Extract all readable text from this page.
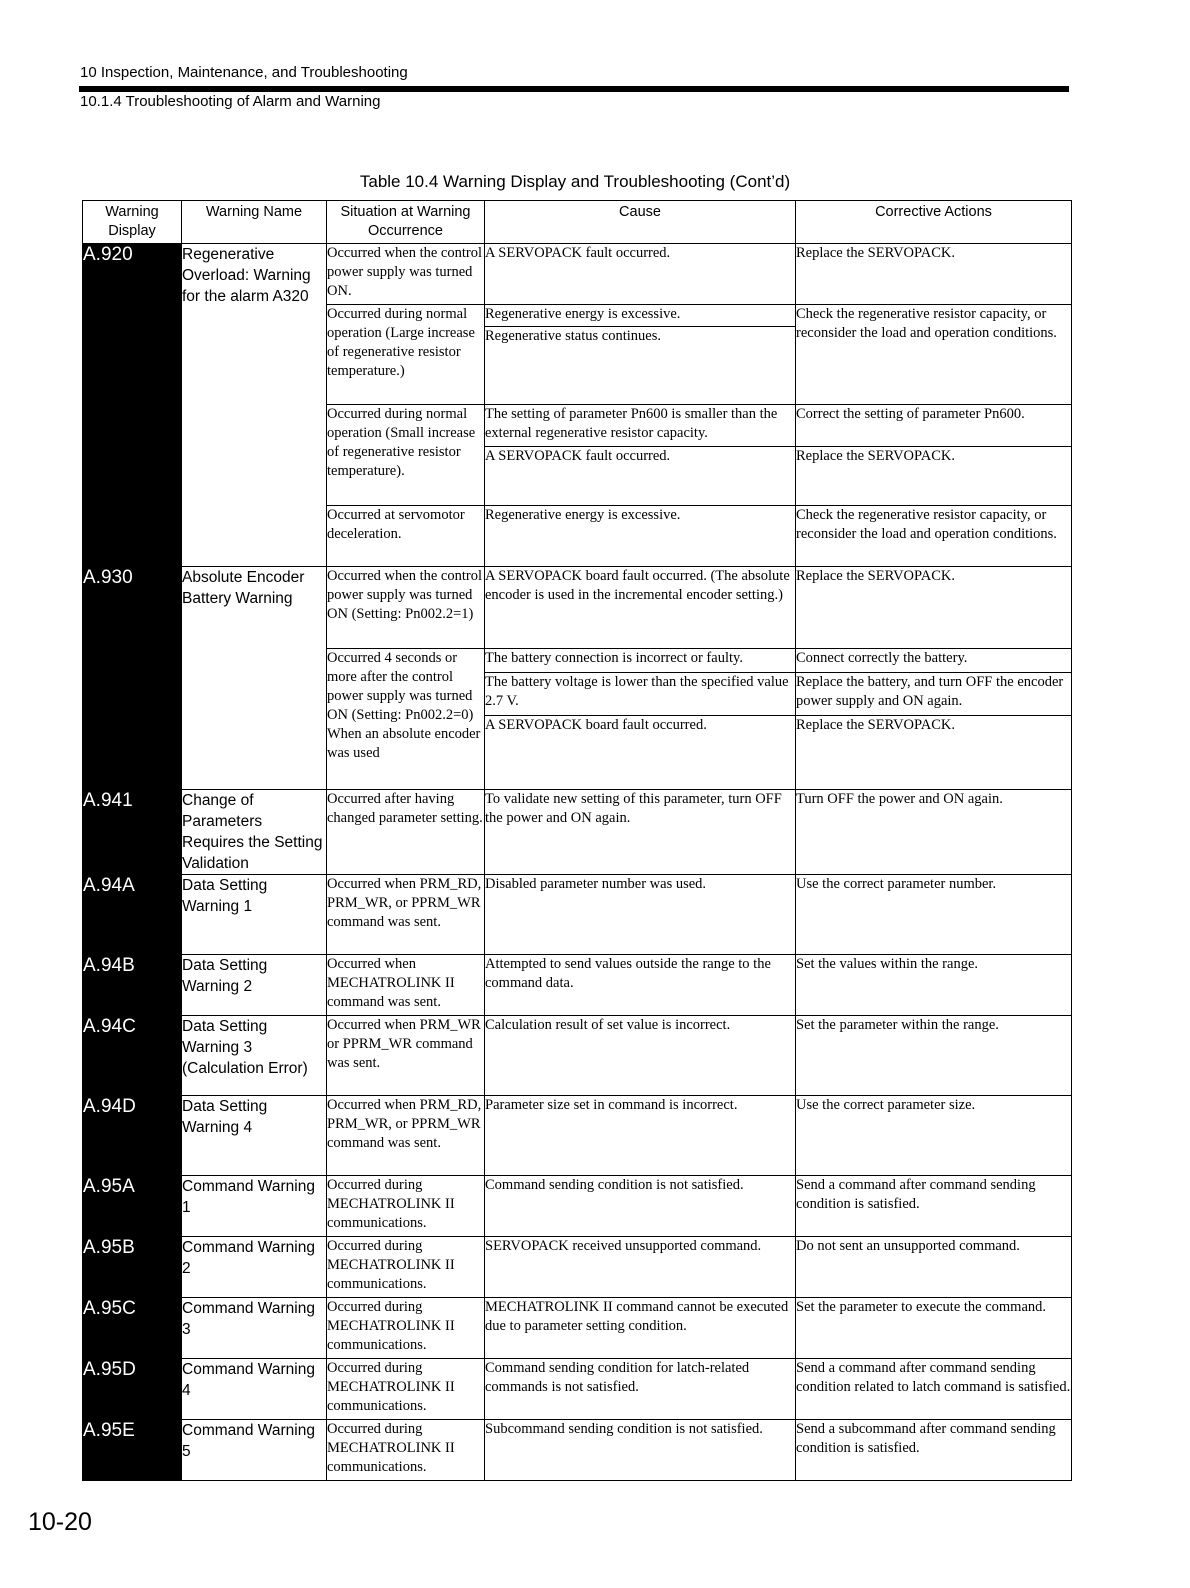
10 Inspection, Maintenance, and Troubleshooting
10.1.4 Troubleshooting of Alarm and Warning
Table 10.4 Warning Display and Troubleshooting (Cont’d)
Warning Display	Warning Name	Situation at Warning Occurrence	Cause	Corrective Actions
A.920	Regenerative Overload: Warning for the alarm A320	Occurred when the control power supply was turned ON.	A SERVOPACK fault occurred.	Replace the SERVOPACK.
		Occurred during normal operation (Large increase of regenerative resistor temperature.)	Regenerative energy is excessive.	Check the regenerative resistor capacity, or reconsider the load and operation conditions.
			Regenerative status continues.	
		Occurred during normal operation (Small increase of regenerative resistor temperature).	The setting of parameter Pn600 is smaller than the external regenerative resistor capacity.	Correct the setting of parameter Pn600.
			A SERVOPACK fault occurred.	Replace the SERVOPACK.
		Occurred at servomotor deceleration.	Regenerative energy is excessive.	Check the regenerative resistor capacity, or reconsider the load and operation conditions.
A.930	Absolute Encoder Battery Warning	Occurred when the control power supply was turned ON (Setting: Pn002.2=1)	A SERVOPACK board fault occurred. (The absolute encoder is used in the incremental encoder setting.)	Replace the SERVOPACK.
		Occurred 4 seconds or more after the control power supply was turned ON (Setting: Pn002.2=0) When an absolute encoder was used	The battery connection is incorrect or faulty.	Connect correctly the battery.
			The battery voltage is lower than the specified value 2.7 V.	Replace the battery, and turn OFF the encoder power supply and ON again.
			A SERVOPACK board fault occurred.	Replace the SERVOPACK.
A.941	Change of Parameters Requires the Setting Validation	Occurred after having changed parameter setting.	To validate new setting of this parameter, turn OFF the power and ON again.	Turn OFF the power and ON again.
A.94A	Data Setting Warning 1	Occurred when PRM_RD, PRM_WR, or PPRM_WR command was sent.	Disabled parameter number was used.	Use the correct parameter number.
A.94B	Data Setting Warning 2	Occurred when MECHATROLINK II command was sent.	Attempted to send values outside the range to the command data.	Set the values within the range.
A.94C	Data Setting Warning 3 (Calculation Error)	Occurred when PRM_WR or PPRM_WR command was sent.	Calculation result of set value is incorrect.	Set the parameter within the range.
A.94D	Data Setting Warning 4	Occurred when PRM_RD, PRM_WR, or PPRM_WR command was sent.	Parameter size set in command is incorrect.	Use the correct parameter size.
A.95A	Command Warning 1	Occurred during MECHATROLINK II communications.	Command sending condition is not satisfied.	Send a command after command sending condition is satisfied.
A.95B	Command Warning 2	Occurred during MECHATROLINK II communications.	SERVOPACK received unsupported command.	Do not sent an unsupported command.
A.95C	Command Warning 3	Occurred during MECHATROLINK II communications.	MECHATROLINK II command cannot be executed due to parameter setting condition.	Set the parameter to execute the command.
A.95D	Command Warning 4	Occurred during MECHATROLINK II communications.	Command sending condition for latch-related commands is not satisfied.	Send a command after command sending condition related to latch command is satisfied.
A.95E	Command Warning 5	Occurred during MECHATROLINK II communications.	Subcommand sending condition is not satisfied.	Send a subcommand after command sending condition is satisfied.
10-20
